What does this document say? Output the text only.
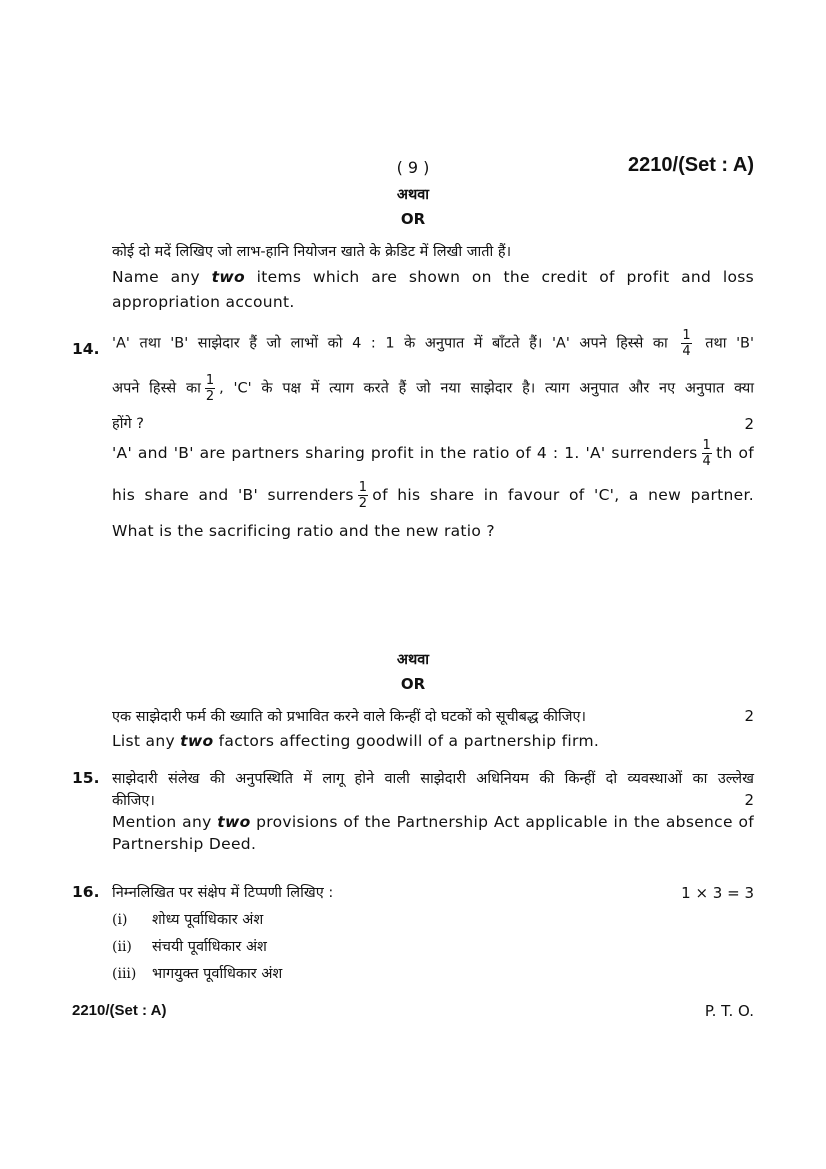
( 9 )	2210/(Set : A)
अथवा
OR
कोई दो मदें लिखिए जो लाभ-हानि नियोजन खाते के क्रेडिट में लिखी जाती हैं।
Name any two items which are shown on the credit of profit and loss
appropriation account.
14. 'A' तथा 'B' साझेदार हैं जो लाभों को 4 : 1 के अनुपात में बाँटते हैं। 'A' अपने हिस्से का $\frac{1}{4}$ तथा 'B'
अपने हिस्से का $\frac{1}{2}$ , 'C' के पक्ष में त्याग करते हैं जो नया साझेदार है। त्याग अनुपात और नए अनुपात क्या
होंगे ?	2
'A' and 'B' are partners sharing profit in the ratio of 4 : 1. 'A' surrenders $\frac{1}{4}$ th of
his share and 'B' surrenders $\frac{1}{2}$ of his share in favour of 'C', a new partner.
What is the sacrificing ratio and the new ratio ?
अथवा
OR
एक साझेदारी फर्म की ख्याति को प्रभावित करने वाले किन्हीं दो घटकों को सूचीबद्ध कीजिए।	2
List any two factors affecting goodwill of a partnership firm.
15. साझेदारी संलेख की अनुपस्थिति में लागू होने वाली साझेदारी अधिनियम की किन्हीं दो व्यवस्थाओं का उल्लेख
कीजिए।	2
Mention any two provisions of the Partnership Act applicable in the absence of
Partnership Deed.
16. निम्नलिखित पर संक्षेप में टिप्पणी लिखिए :	1 × 3 = 3
(i) शोध्य पूर्वाधिकार अंश
(ii) संचयी पूर्वाधिकार अंश
(iii) भागयुक्त पूर्वाधिकार अंश
2210/(Set : A)	P. T. O.
